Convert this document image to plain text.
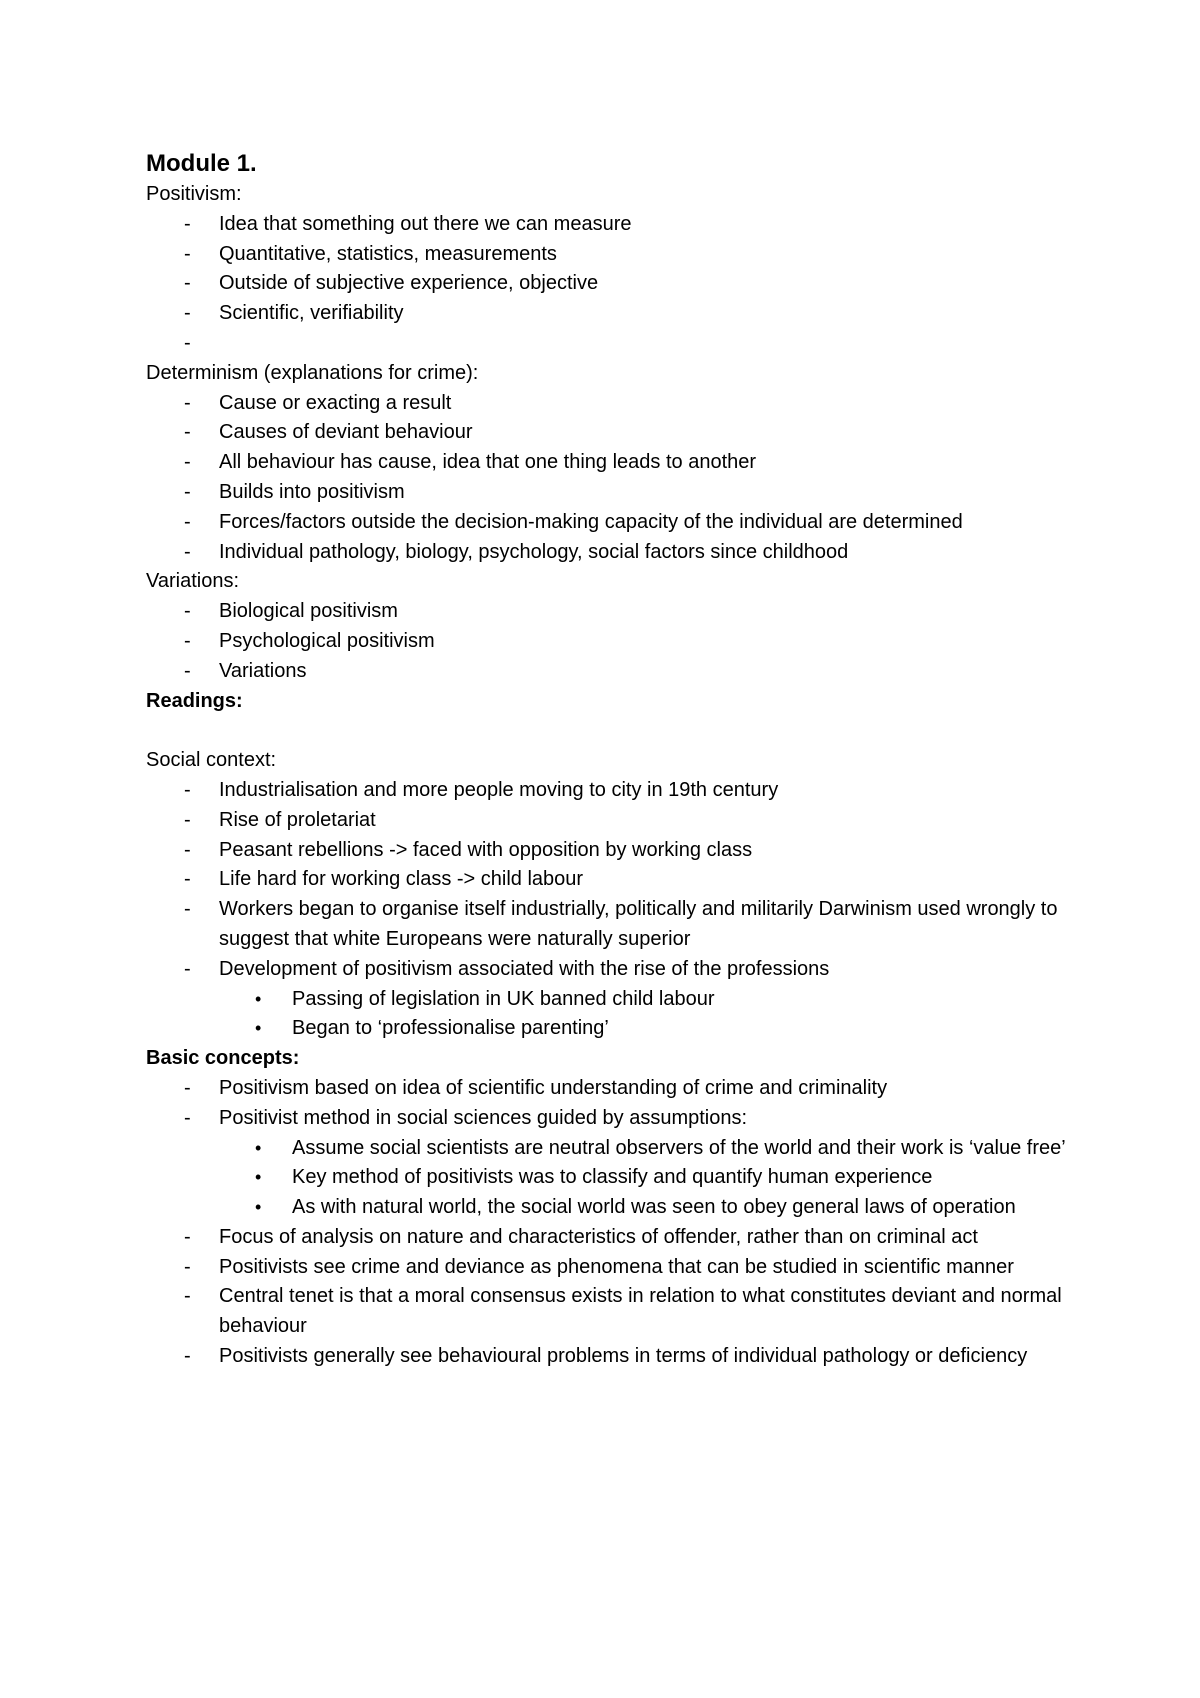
Module 1.
Positivism:
- Idea that something out there we can measure
- Quantitative, statistics, measurements
- Outside of subjective experience, objective
- Scientific, verifiability
-
Determinism (explanations for crime):
- Cause or exacting a result
- Causes of deviant behaviour
- All behaviour has cause, idea that one thing leads to another
- Builds into positivism
- Forces/factors outside the decision-making capacity of the individual are determined
- Individual pathology, biology, psychology, social factors since childhood
Variations:
- Biological positivism
- Psychological positivism
- Variations
Readings:
Social context:
- Industrialisation and more people moving to city in 19th century
- Rise of proletariat
- Peasant rebellions -> faced with opposition by working class
- Life hard for working class -> child labour
- Workers began to organise itself industrially, politically and militarily Darwinism used wrongly to suggest that white Europeans were naturally superior
- Development of positivism associated with the rise of the professions
• Passing of legislation in UK banned child labour
• Began to ‘professionalise parenting’
Basic concepts:
- Positivism based on idea of scientific understanding of crime and criminality
- Positivist method in social sciences guided by assumptions:
• Assume social scientists are neutral observers of the world and their work is ‘value free’
• Key method of positivists was to classify and quantify human experience
• As with natural world, the social world was seen to obey general laws of operation
- Focus of analysis on nature and characteristics of offender, rather than on criminal act
- Positivists see crime and deviance as phenomena that can be studied in scientific manner
- Central tenet is that a moral consensus exists in relation to what constitutes deviant and normal behaviour
- Positivists generally see behavioural problems in terms of individual pathology or deficiency
